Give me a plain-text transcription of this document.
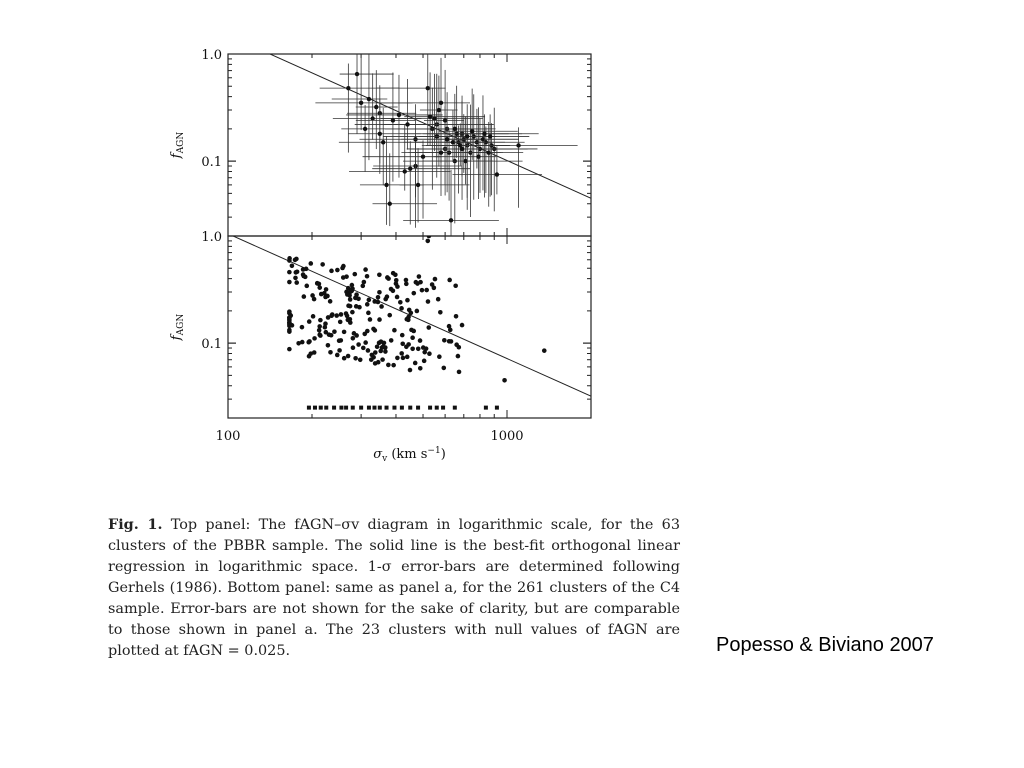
1.0
0.1
$f_{AGN}$
1.0
0.1
$f_{AGN}$
100	1000
$\sigma_v$ (km $s^{-1}$)
Fig. 1. Top panel: The fAGN–σv diagram in logarithmic scale, for the 63 clusters of the PBBR sample. The solid line is the best-fit orthogonal linear regression in logarithmic space. 1-σ error-bars are determined following Gerhels (1986). Bottom panel: same as panel a, for the 261 clusters of the C4 sample. Error-bars are not shown for the sake of clarity, but are comparable to those shown in panel a. The 23 clusters with null values of fAGN are plotted at fAGN = 0.025.	Popesso & Biviano 2007
